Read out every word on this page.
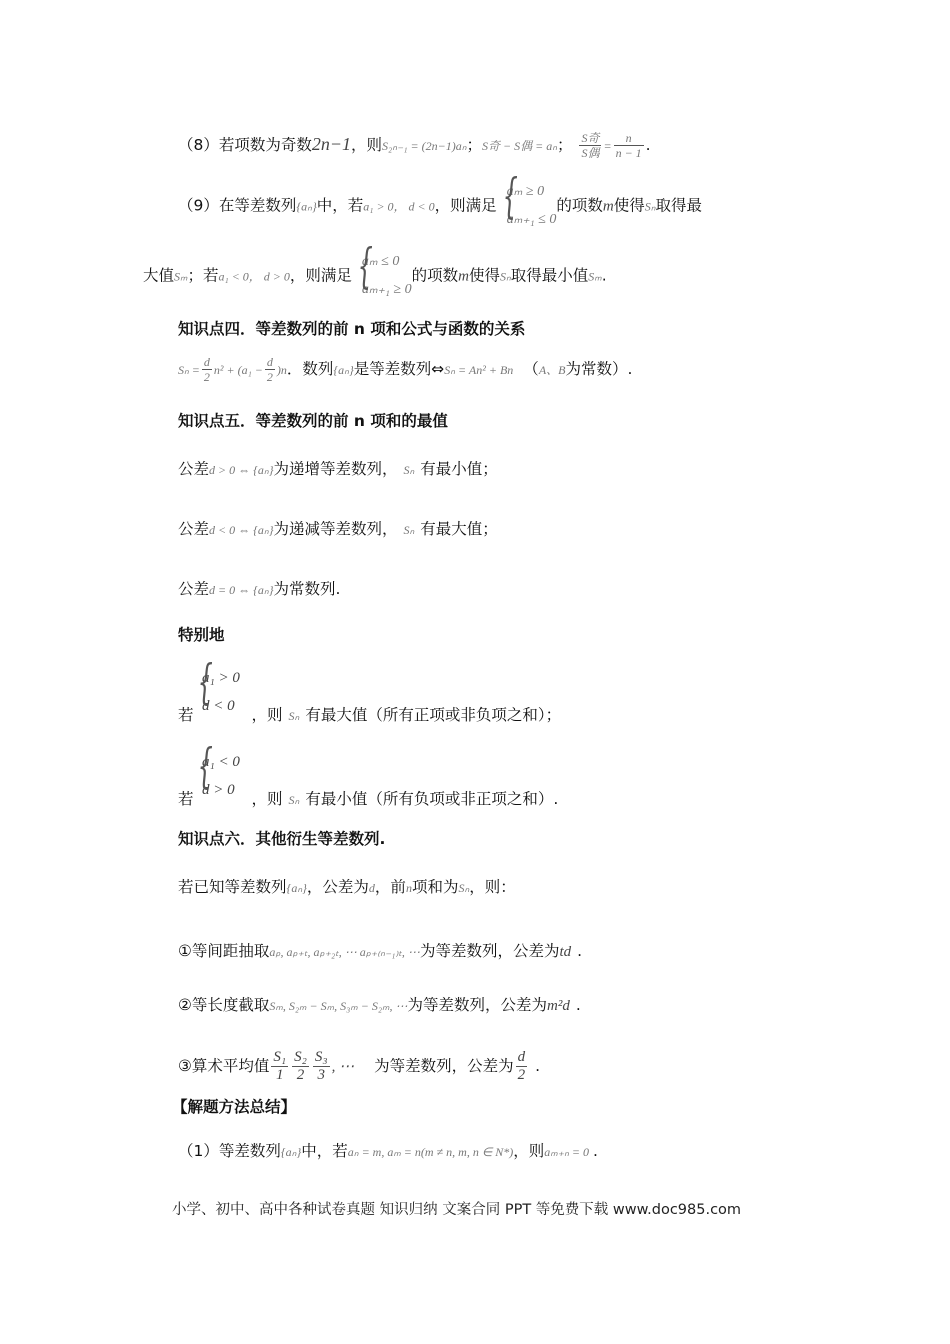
（8）若项数为奇数2n−1，则S₂ₙ₋₁ = (2n−1)aₙ；S奇 − S偶 = aₙ； $\frac{\text{S奇}}{\text{S偶}} = \frac{n}{n - 1}$ .
（9）在等差数列{aₙ}中，若a₁ > 0， d < 0，则满足
{ aₘ ≥ 0
aₘ₊₁ ≤ 0
的项数m使得Sₙ取得最
大值Sₘ；若a₁ < 0， d > 0，则满足
{ aₘ ≤ 0
aₘ₊₁ ≥ 0
的项数m使得Sₙ取得最小值Sₘ.
知识点四．等差数列的前 n 项和公式与函数的关系
$S_n = \frac{d}{2} n^2 + (a_1 - \frac{d}{2} )n$．数列{aₙ}是等差数列⇔Sₙ = An² + Bn （A、B为常数）.
知识点五．等差数列的前 n 项和的最值
公差d > 0 ⇔ {aₙ}为递增等差数列， Sₙ 有最小值；
公差d < 0 ⇔ {aₙ}为递减等差数列， Sₙ 有最大值；
公差d = 0 ⇔ {aₙ}为常数列.
特别地
{ a₁ > 0
d < 0
若	，则 Sₙ 有最大值（所有正项或非负项之和）；
{ a₁ < 0
d > 0
若	，则 Sₙ 有最小值（所有负项或非正项之和）.
知识点六．其他衍生等差数列.
若已知等差数列{aₙ}，公差为d，前n项和为Sₙ，则：
①等间距抽取aₚ, aₚ₊ₜ, aₚ₊₂ₜ, ⋯ aₚ₊₍ₙ₋₁₎ₜ, ⋯为等差数列，公差为td .
②等长度截取Sₘ, S₂ₘ − Sₘ, S₃ₘ − S₂ₘ, ⋯为等差数列，公差为m²d .
③算术平均值 $\frac{\text{S₁}}{1} \frac{\text{S₂}}{2} \frac{\text{S₃}}{3}$ , ⋯ 为等差数列，公差为 $\frac{d}{2}$ .
【解题方法总结】
（1）等差数列{aₙ}中，若aₙ = m, aₘ = n(m ≠ n, m, n ∈ N*)，则aₘ₊ₙ = 0 .
小学、初中、高中各种试卷真题 知识归纳 文案合同 PPT 等免费下载 www.doc985.com
